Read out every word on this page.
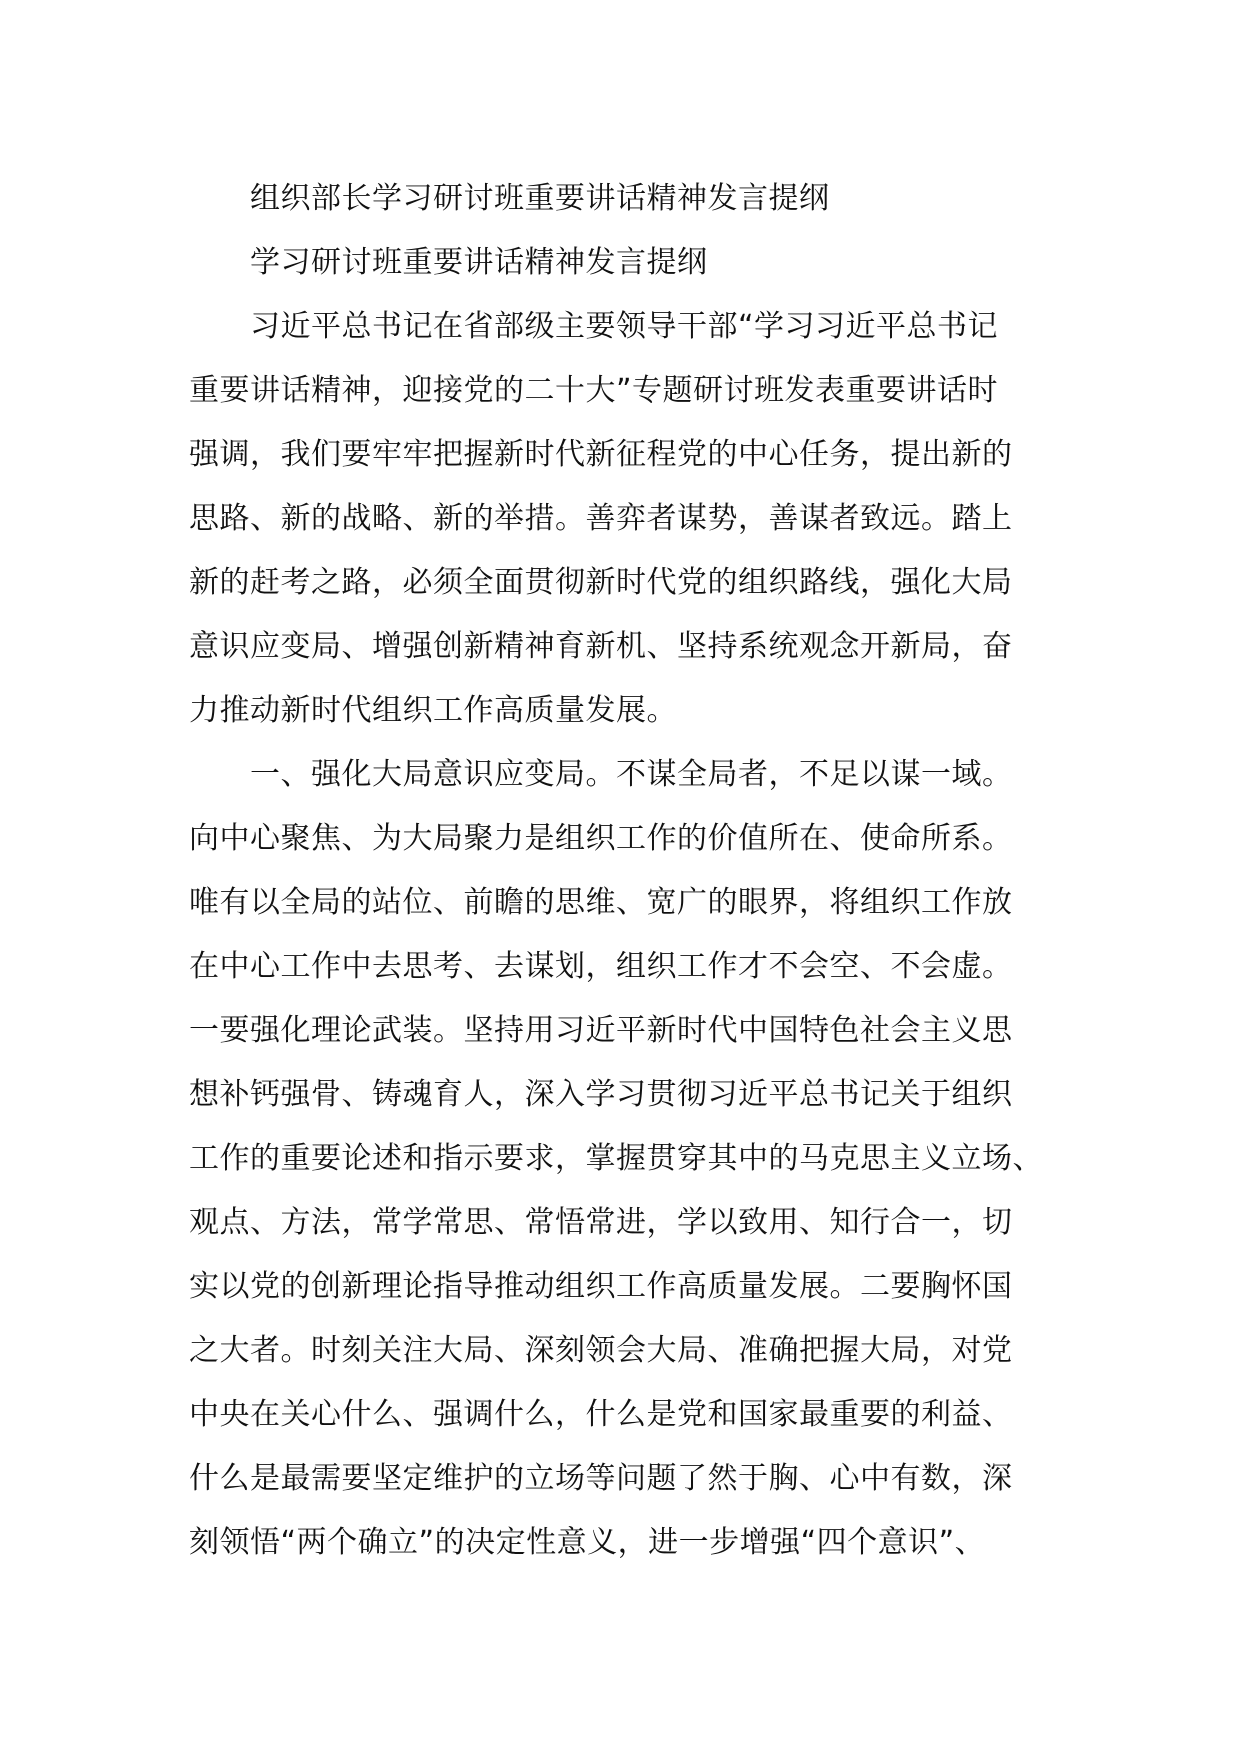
组织部长学习研讨班重要讲话精神发言提纲
学习研讨班重要讲话精神发言提纲
习近平总书记在省部级主要领导干部“学习习近平总书记
重要讲话精神，迎接党的二十大”专题研讨班发表重要讲话时
强调，我们要牢牢把握新时代新征程党的中心任务，提出新的
思路、新的战略、新的举措。善弈者谋势，善谋者致远。踏上
新的赶考之路，必须全面贯彻新时代党的组织路线，强化大局
意识应变局、增强创新精神育新机、坚持系统观念开新局，奋
力推动新时代组织工作高质量发展。
一、强化大局意识应变局。不谋全局者，不足以谋一域。
向中心聚焦、为大局聚力是组织工作的价值所在、使命所系。
唯有以全局的站位、前瞻的思维、宽广的眼界，将组织工作放
在中心工作中去思考、去谋划，组织工作才不会空、不会虚。
一要强化理论武装。坚持用习近平新时代中国特色社会主义思
想补钙强骨、铸魂育人，深入学习贯彻习近平总书记关于组织
工作的重要论述和指示要求，掌握贯穿其中的马克思主义立场、
观点、方法，常学常思、常悟常进，学以致用、知行合一，切
实以党的创新理论指导推动组织工作高质量发展。二要胸怀国
之大者。时刻关注大局、深刻领会大局、准确把握大局，对党
中央在关心什么、强调什么，什么是党和国家最重要的利益、
什么是最需要坚定维护的立场等问题了然于胸、心中有数，深
刻领悟“两个确立”的决定性意义，进一步增强“四个意识”、
